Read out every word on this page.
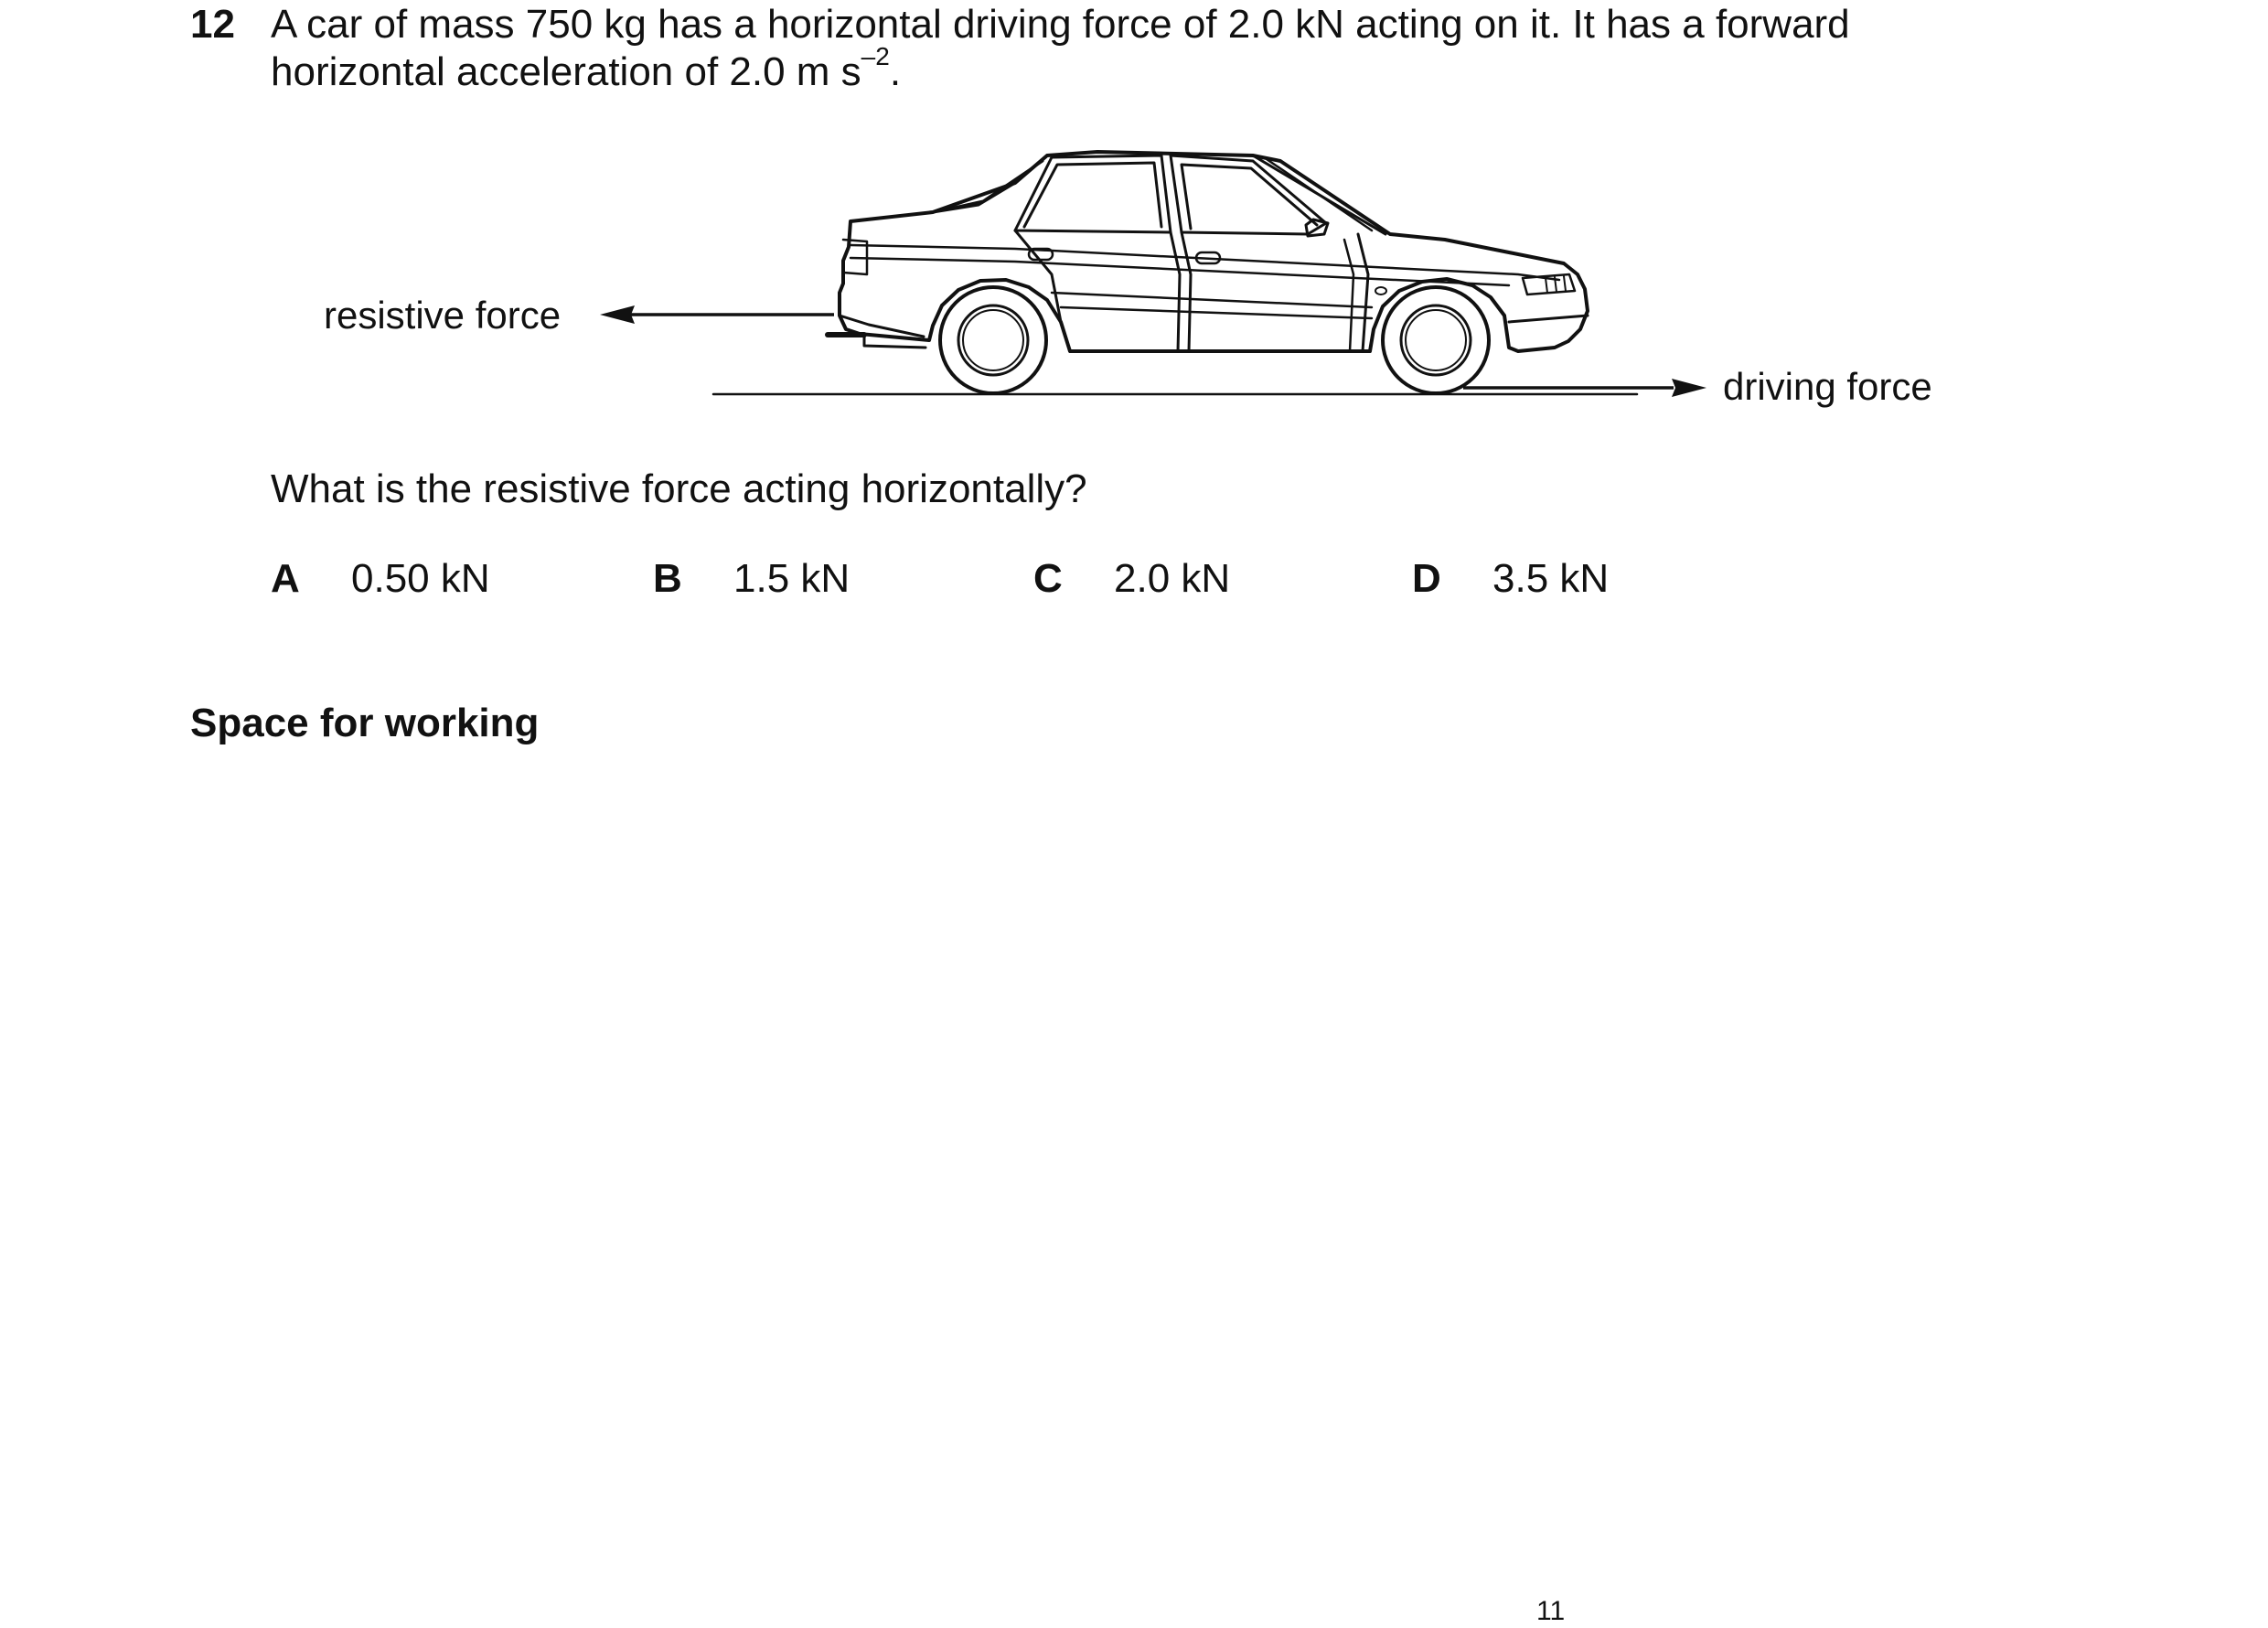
12 A car of mass 750 kg has a horizontal driving force of 2.0 kN acting on it. It has a forward
horizontal acceleration of 2.0 m $s^{-2}$.
resistive force
driving force
What is the resistive force acting horizontally?
A 0.50 kN	B 1.5 kN	C 2.0 kN	D 3.5 kN
Space for working
11
